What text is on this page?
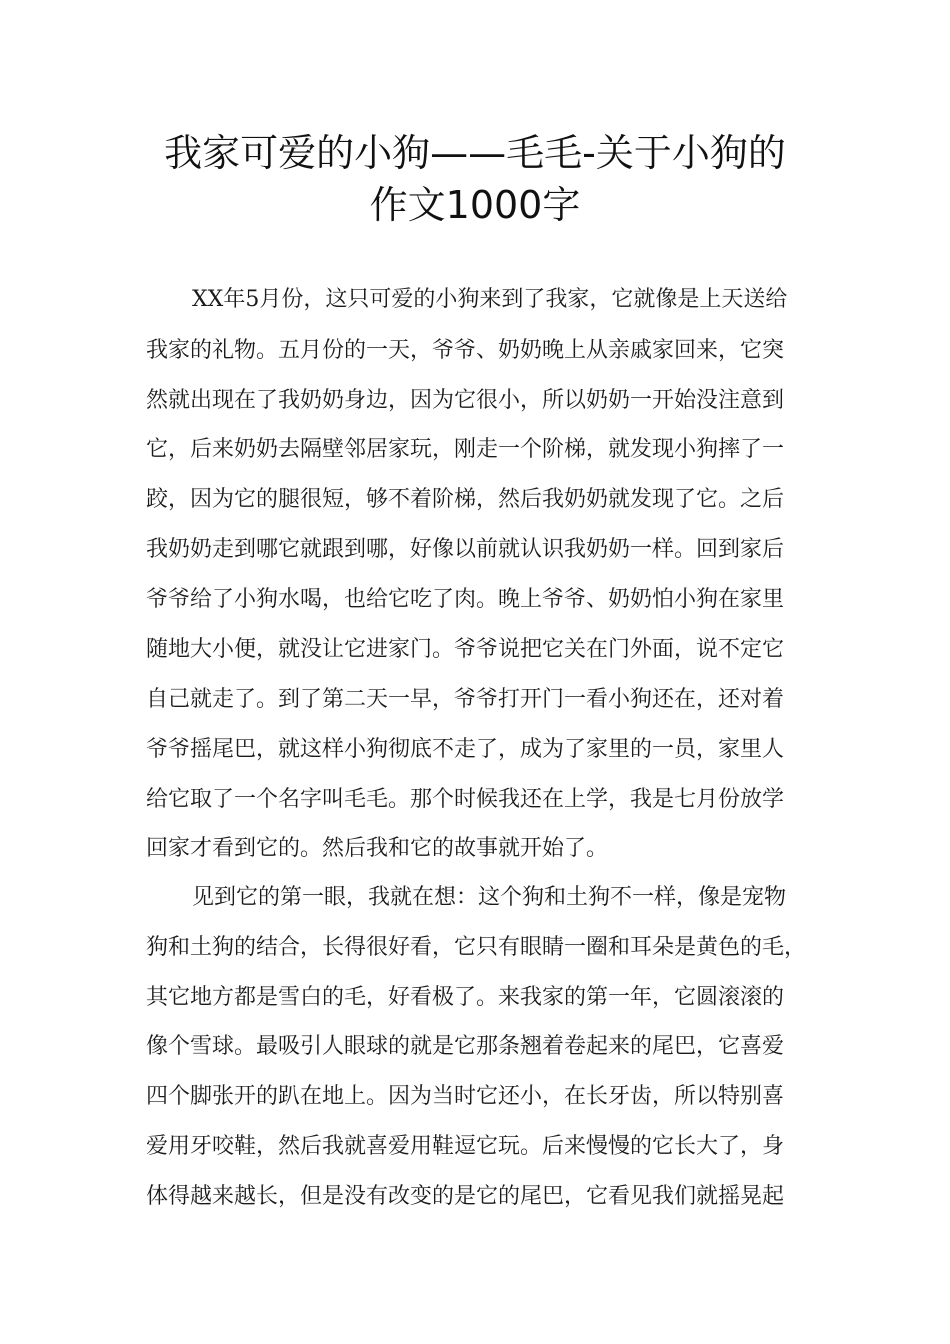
我家可爱的小狗——毛毛-关于小狗的
作文1000字
XX年5月份，这只可爱的小狗来到了我家，它就像是上天送给
我家的礼物。五月份的一天，爷爷、奶奶晚上从亲戚家回来，它突
然就出现在了我奶奶身边，因为它很小，所以奶奶一开始没注意到
它，后来奶奶去隔壁邻居家玩，刚走一个阶梯，就发现小狗摔了一
跤，因为它的腿很短，够不着阶梯，然后我奶奶就发现了它。之后
我奶奶走到哪它就跟到哪，好像以前就认识我奶奶一样。回到家后
爷爷给了小狗水喝，也给它吃了肉。晚上爷爷、奶奶怕小狗在家里
随地大小便，就没让它进家门。爷爷说把它关在门外面，说不定它
自己就走了。到了第二天一早，爷爷打开门一看小狗还在，还对着
爷爷摇尾巴，就这样小狗彻底不走了，成为了家里的一员，家里人
给它取了一个名字叫毛毛。那个时候我还在上学，我是七月份放学
回家才看到它的。然后我和它的故事就开始了。
见到它的第一眼，我就在想：这个狗和土狗不一样，像是宠物
狗和土狗的结合，长得很好看，它只有眼睛一圈和耳朵是黄色的毛，
其它地方都是雪白的毛，好看极了。来我家的第一年，它圆滚滚的
像个雪球。最吸引人眼球的就是它那条翘着卷起来的尾巴，它喜爱
四个脚张开的趴在地上。因为当时它还小，在长牙齿，所以特别喜
爱用牙咬鞋，然后我就喜爱用鞋逗它玩。后来慢慢的它长大了，身
体得越来越长，但是没有改变的是它的尾巴，它看见我们就摇晃起
